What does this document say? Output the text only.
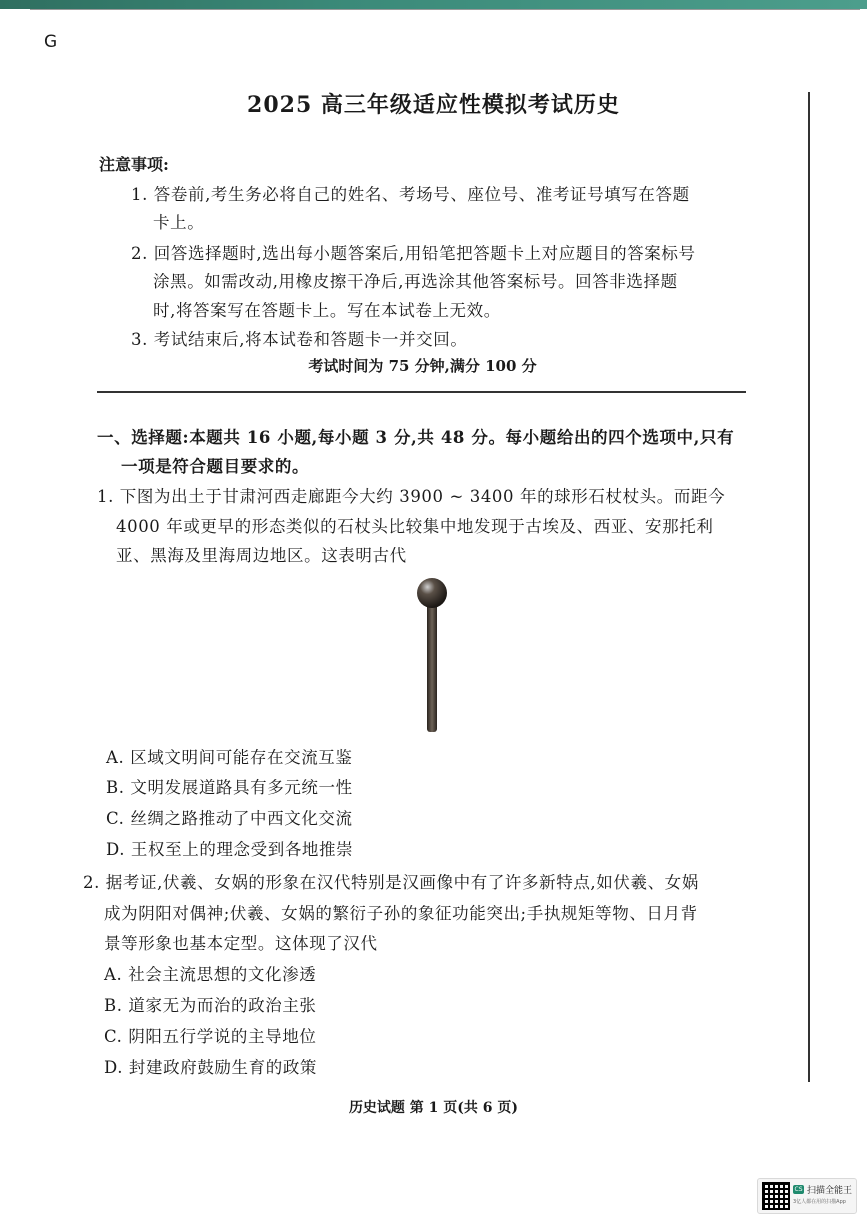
G
2025 高三年级适应性模拟考试历史
注意事项:
1. 答卷前,考生务必将自己的姓名、考场号、座位号、准考证号填写在答题
卡上。
2. 回答选择题时,选出每小题答案后,用铅笔把答题卡上对应题目的答案标号
涂黑。如需改动,用橡皮擦干净后,再选涂其他答案标号。回答非选择题
时,将答案写在答题卡上。写在本试卷上无效。
3. 考试结束后,将本试卷和答题卡一并交回。
考试时间为 75 分钟,满分 100 分
一、选择题:本题共 16 小题,每小题 3 分,共 48 分。每小题给出的四个选项中,只有
一项是符合题目要求的。
1. 下图为出土于甘肃河西走廊距今大约 3900 ~ 3400 年的球形石杖杖头。而距今
4000 年或更早的形态类似的石杖头比较集中地发现于古埃及、西亚、安那托利
亚、黑海及里海周边地区。这表明古代
A. 区域文明间可能存在交流互鉴
B. 文明发展道路具有多元统一性
C. 丝绸之路推动了中西文化交流
D. 王权至上的理念受到各地推崇
2. 据考证,伏羲、女娲的形象在汉代特别是汉画像中有了许多新特点,如伏羲、女娲
成为阴阳对偶神;伏羲、女娲的繁衍子孙的象征功能突出;手执规矩等物、日月背
景等形象也基本定型。这体现了汉代
A. 社会主流思想的文化渗透
B. 道家无为而治的政治主张
C. 阴阳五行学说的主导地位
D. 封建政府鼓励生育的政策
历史试题 第 1 页(共 6 页)
CS 扫描全能王
3亿人都在用的扫描App
